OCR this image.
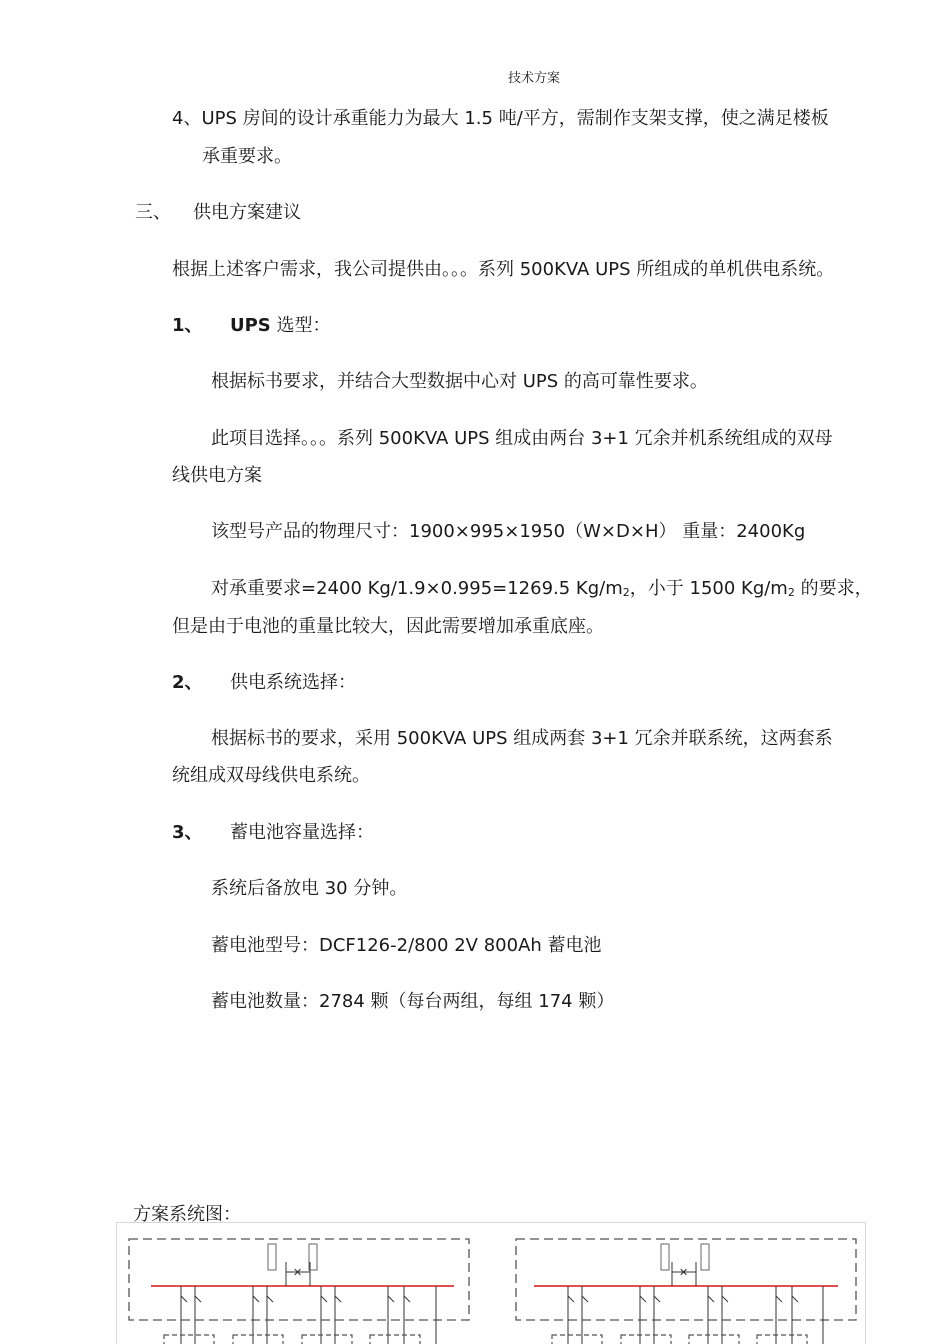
技术方案
4、UPS 房间的设计承重能力为最大 1.5 吨/平方，需制作支架支撑，使之满足楼板
承重要求。
三、 供电方案建议
根据上述客户需求，我公司提供由。。。系列 500KVA UPS 所组成的单机供电系统。
1、 UPS 选型：
根据标书要求，并结合大型数据中心对 UPS 的高可靠性要求。
此项目选择。。。系列 500KVA UPS 组成由两台 3+1 冗余并机系统组成的双母
线供电方案
该型号产品的物理尺寸：1900×995×1950（W×D×H） 重量：2400Kg
对承重要求=2400 Kg/1.9×0.995=1269.5 $Kg/m_2$，小于 1500 $Kg/m_2$ 的要求，
但是由于电池的重量比较大，因此需要增加承重底座。
2、 供电系统选择：
根据标书的要求，采用 500KVA UPS 组成两套 3+1 冗余并联系统，这两套系
统组成双母线供电系统。
3、 蓄电池容量选择：
系统后备放电 30 分钟。
蓄电池型号：DCF126-2/800 2V 800Ah 蓄电池
蓄电池数量：2784 颗（每台两组，每组 174 颗）
方案系统图：
✕	✕
